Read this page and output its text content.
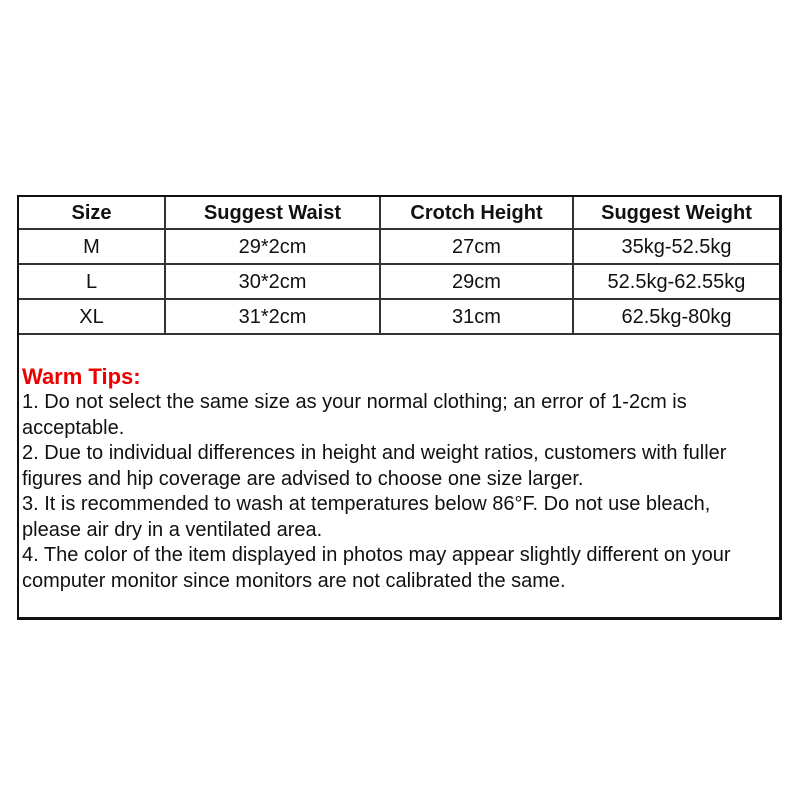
Size	Suggest Waist	Crotch Height	Suggest Weight
M	29*2cm	27cm	35kg-52.5kg
L	30*2cm	29cm	52.5kg-62.55kg
XL	31*2cm	31cm	62.5kg-80kg
Warm Tips:

1. Do not select the same size as your normal clothing; an error of 1-2cm is acceptable.

2. Due to individual differences in height and weight ratios, customers with fuller figures and hip coverage are advised to choose one size larger.

3. It is recommended to wash at temperatures below 86°F. Do not use bleach, please air dry in a ventilated area.

4. The color of the item displayed in photos may appear slightly different on your computer monitor since monitors are not calibrated the same.
